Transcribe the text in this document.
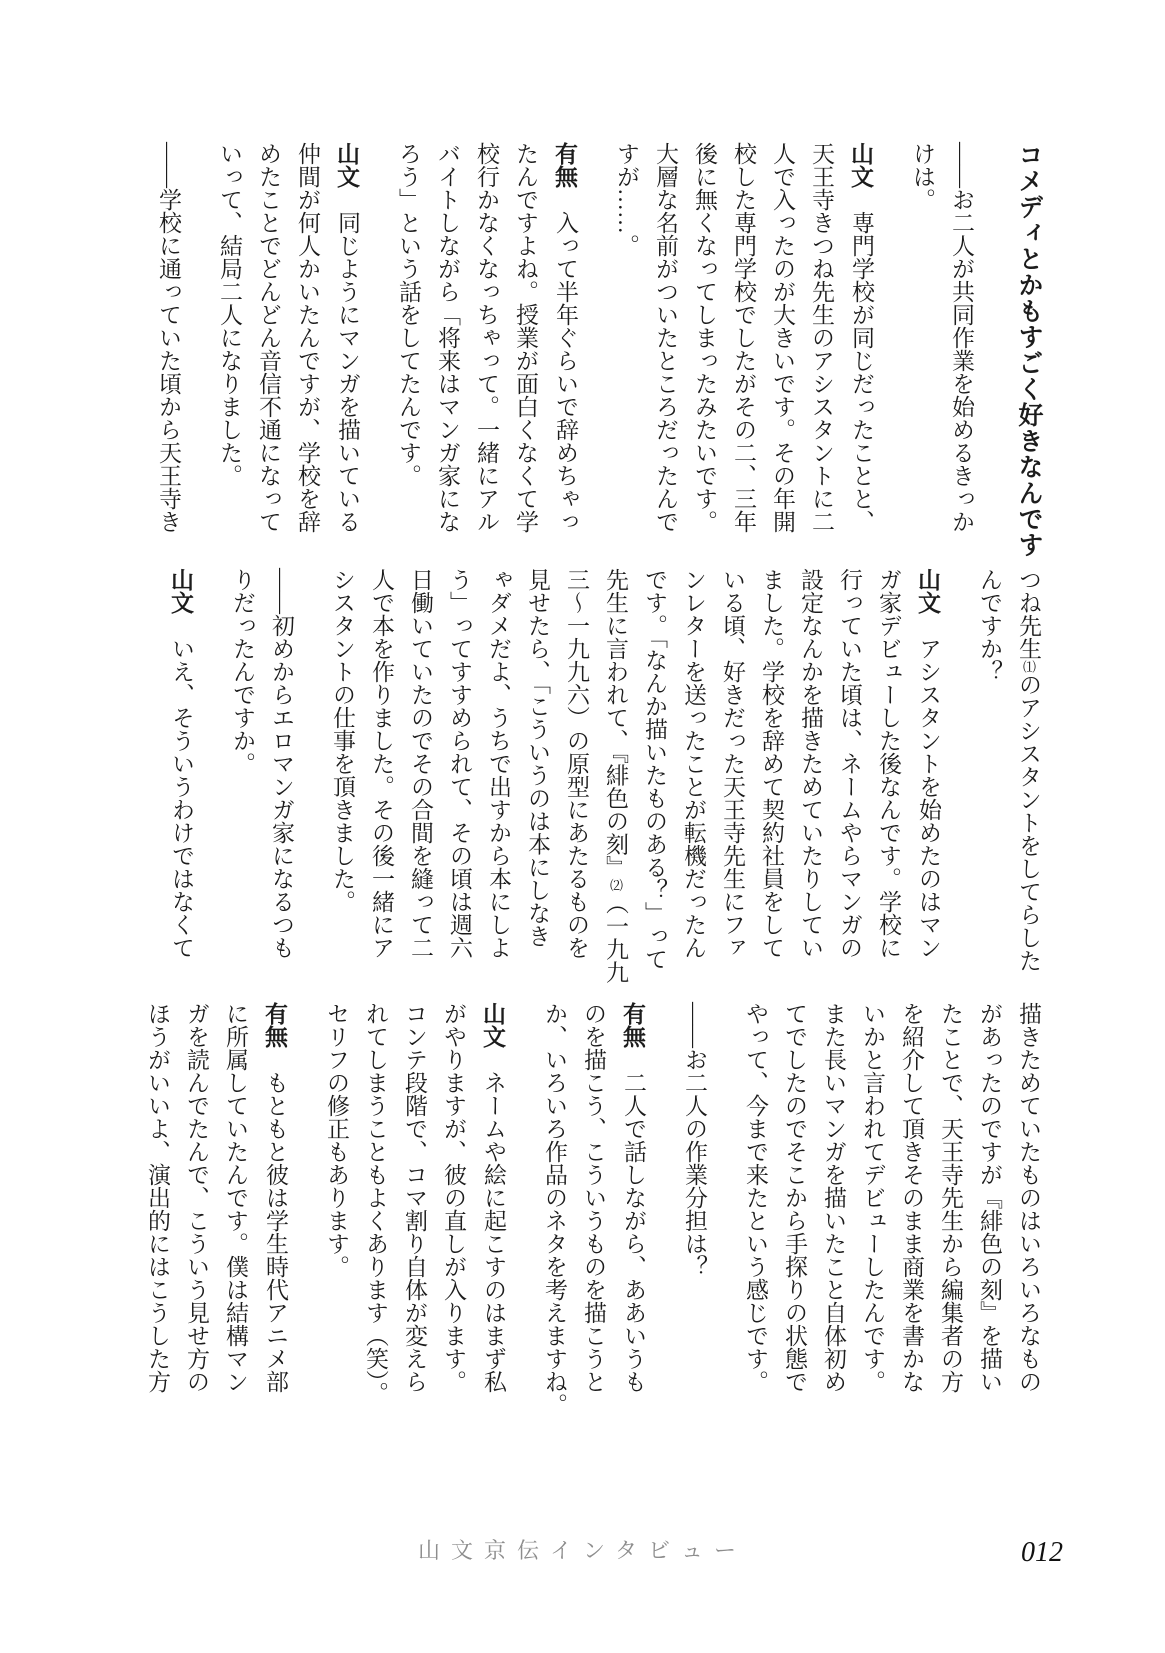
コメディとかもすごく好きなんです
――お二人が共同作業を始めるきっか
けは。
山文　専門学校が同じだったことと、
天王寺きつね先生のアシスタントに二
人で入ったのが大きいです。その年開
校した専門学校でしたがその二、三年
後に無くなってしまったみたいです。
大層な名前がついたところだったんで
すが……。
有無　入って半年ぐらいで辞めちゃっ
たんですよね。授業が面白くなくて学
校行かなくなっちゃって。一緒にアル
バイトしながら「将来はマンガ家にな
ろう」という話をしてたんです。
山文　同じようにマンガを描いている
仲間が何人かいたんですが、学校を辞
めたことでどんどん音信不通になって
いって、結局二人になりました。
――学校に通っていた頃から天王寺き
つね先生⑴のアシスタントをしてらした
んですか？
山文　アシスタントを始めたのはマン
ガ家デビューした後なんです。学校に
行っていた頃は、ネームやらマンガの
設定なんかを描きためていたりしてい
ました。学校を辞めて契約社員をして
いる頃、好きだった天王寺先生にファ
ンレターを送ったことが転機だったん
です。「なんか描いたものある？」って
先生に言われて、『緋色の刻』⑵（一九九
三〜一九九六）の原型にあたるものを
見せたら、「こういうのは本にしなき
ゃダメだよ、うちで出すから本にしよ
う」ってすすめられて、その頃は週六
日働いていたのでその合間を縫って二
人で本を作りました。その後一緒にア
シスタントの仕事を頂きました。
――初めからエロマンガ家になるつも
りだったんですか。
山文　いえ、そういうわけではなくて
描きためていたものはいろいろなもの
があったのですが『緋色の刻』を描い
たことで、天王寺先生から編集者の方
を紹介して頂きそのまま商業を書かな
いかと言われてデビューしたんです。
また長いマンガを描いたこと自体初め
てでしたのでそこから手探りの状態で
やって、今まで来たという感じです。
――お二人の作業分担は？
有無　二人で話しながら、ああいうも
のを描こう、こういうものを描こうと
か、いろいろ作品のネタを考えますね。
山文　ネームや絵に起こすのはまず私
がやりますが、彼の直しが入ります。
コンテ段階で、コマ割り自体が変えら
れてしまうこともよくあります（笑）。
セリフの修正もあります。
有無　もともと彼は学生時代アニメ部
に所属していたんです。僕は結構マン
ガを読んでたんで、こういう見せ方の
ほうがいいよ、演出的にはこうした方
山文京伝インタビュー	012
